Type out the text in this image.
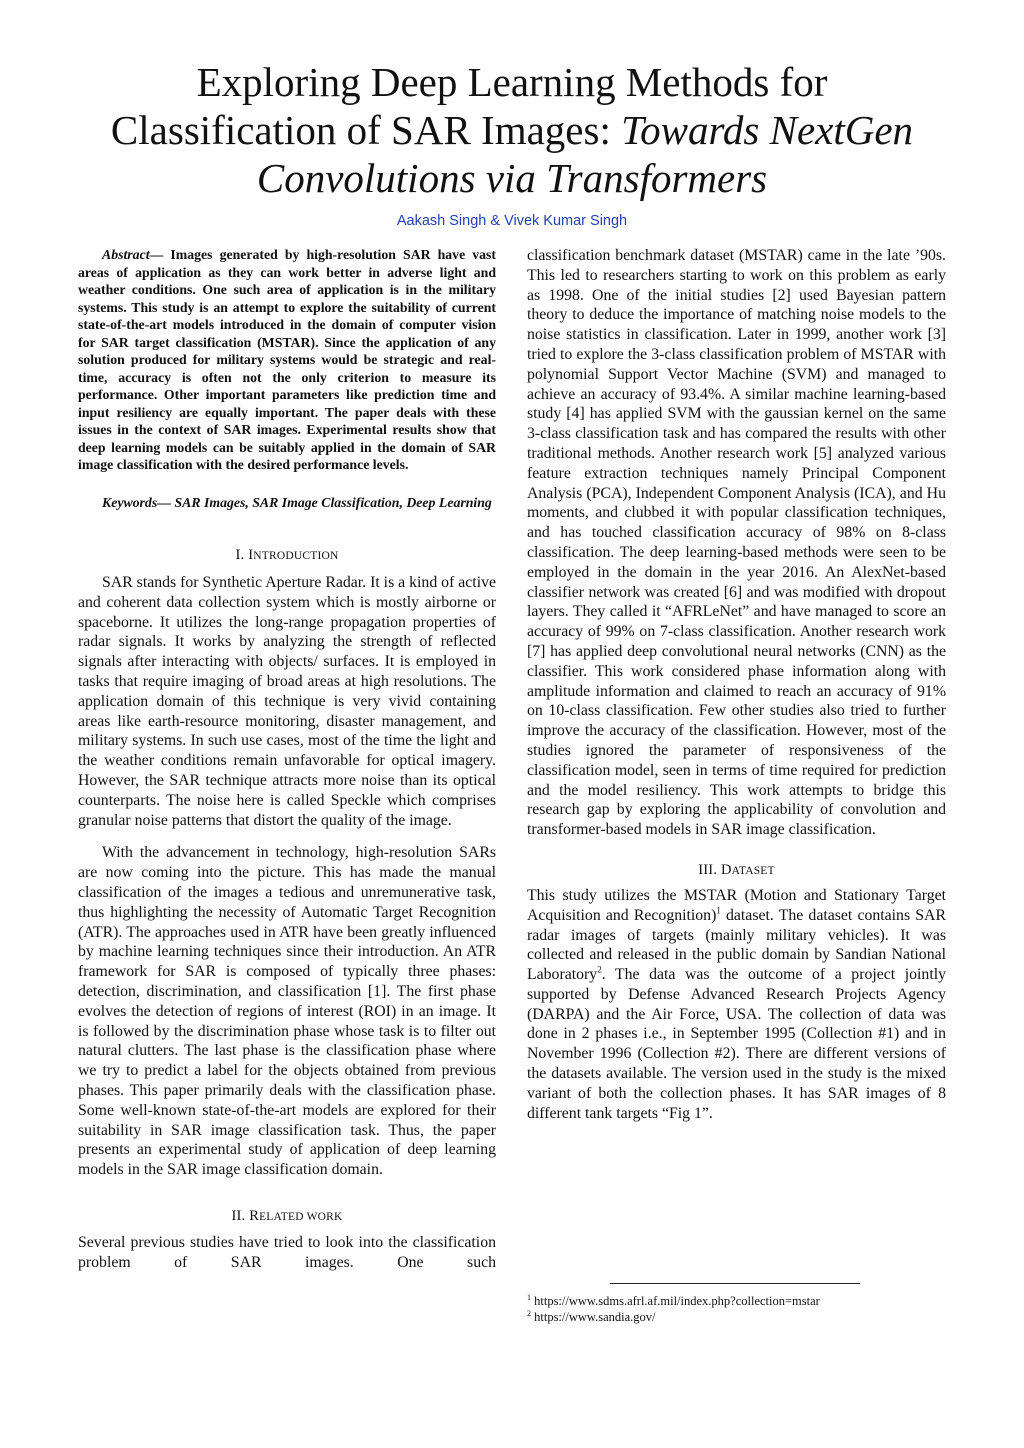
Exploring Deep Learning Methods for
Classification of SAR Images: Towards NextGen
Convolutions via Transformers
Aakash Singh & Vivek Kumar Singh

Abstract— Images generated by high-resolution SAR have vast areas of application as they can work better in adverse light and weather conditions. One such area of application is in the military systems. This study is an attempt to explore the suitability of current state-of-the-art models introduced in the domain of computer vision for SAR target classification (MSTAR). Since the application of any solution produced for military systems would be strategic and real-time, accuracy is often not the only criterion to measure its performance. Other important parameters like prediction time and input resiliency are equally important. The paper deals with these issues in the context of SAR images. Experimental results show that deep learning models can be suitably applied in the domain of SAR image classification with the desired performance levels.

Keywords— SAR Images, SAR Image Classification, Deep Learning

I. INTRODUCTION

SAR stands for Synthetic Aperture Radar. It is a kind of active and coherent data collection system which is mostly airborne or spaceborne. It utilizes the long-range propagation properties of radar signals. It works by analyzing the strength of reflected signals after interacting with objects/ surfaces. It is employed in tasks that require imaging of broad areas at high resolutions. The application domain of this technique is very vivid containing areas like earth-resource monitoring, disaster management, and military systems. In such use cases, most of the time the light and the weather conditions remain unfavorable for optical imagery. However, the SAR technique attracts more noise than its optical counterparts. The noise here is called Speckle which comprises granular noise patterns that distort the quality of the image.

With the advancement in technology, high-resolution SARs are now coming into the picture. This has made the manual classification of the images a tedious and unremunerative task, thus highlighting the necessity of Automatic Target Recognition (ATR). The approaches used in ATR have been greatly influenced by machine learning techniques since their introduction. An ATR framework for SAR is composed of typically three phases: detection, discrimination, and classification [1]. The first phase evolves the detection of regions of interest (ROI) in an image. It is followed by the discrimination phase whose task is to filter out natural clutters. The last phase is the classification phase where we try to predict a label for the objects obtained from previous phases. This paper primarily deals with the classification phase. Some well-known state-of-the-art models are explored for their suitability in SAR image classification task. Thus, the paper presents an experimental study of application of deep learning models in the SAR image classification domain.

II. RELATED WORK

Several previous studies have tried to look into the classification problem of SAR images. One such

classification benchmark dataset (MSTAR) came in the late ’90s. This led to researchers starting to work on this problem as early as 1998. One of the initial studies [2] used Bayesian pattern theory to deduce the importance of matching noise models to the noise statistics in classification. Later in 1999, another work [3] tried to explore the 3-class classification problem of MSTAR with polynomial Support Vector Machine (SVM) and managed to achieve an accuracy of 93.4%. A similar machine learning-based study [4] has applied SVM with the gaussian kernel on the same 3-class classification task and has compared the results with other traditional methods. Another research work [5] analyzed various feature extraction techniques namely Principal Component Analysis (PCA), Independent Component Analysis (ICA), and Hu moments, and clubbed it with popular classification techniques, and has touched classification accuracy of 98% on 8-class classification. The deep learning-based methods were seen to be employed in the domain in the year 2016. An AlexNet-based classifier network was created [6] and was modified with dropout layers. They called it “AFRLeNet” and have managed to score an accuracy of 99% on 7-class classification. Another research work [7] has applied deep convolutional neural networks (CNN) as the classifier. This work considered phase information along with amplitude information and claimed to reach an accuracy of 91% on 10-class classification. Few other studies also tried to further improve the accuracy of the classification. However, most of the studies ignored the parameter of responsiveness of the classification model, seen in terms of time required for prediction and the model resiliency. This work attempts to bridge this research gap by exploring the applicability of convolution and transformer-based models in SAR image classification.

III. DATASET

This study utilizes the MSTAR (Motion and Stationary Target Acquisition and Recognition)$^1$ dataset. The dataset contains SAR radar images of targets (mainly military vehicles). It was collected and released in the public domain by Sandian National Laboratory$^2$. The data was the outcome of a project jointly supported by Defense Advanced Research Projects Agency (DARPA) and the Air Force, USA. The collection of data was done in 2 phases i.e., in September 1995 (Collection #1) and in November 1996 (Collection #2). There are different versions of the datasets available. The version used in the study is the mixed variant of both the collection phases. It has SAR images of 8 different tank targets “Fig 1”.

$^1$ https://www.sdms.afrl.af.mil/index.php?collection=mstar
$^2$ https://www.sandia.gov/
